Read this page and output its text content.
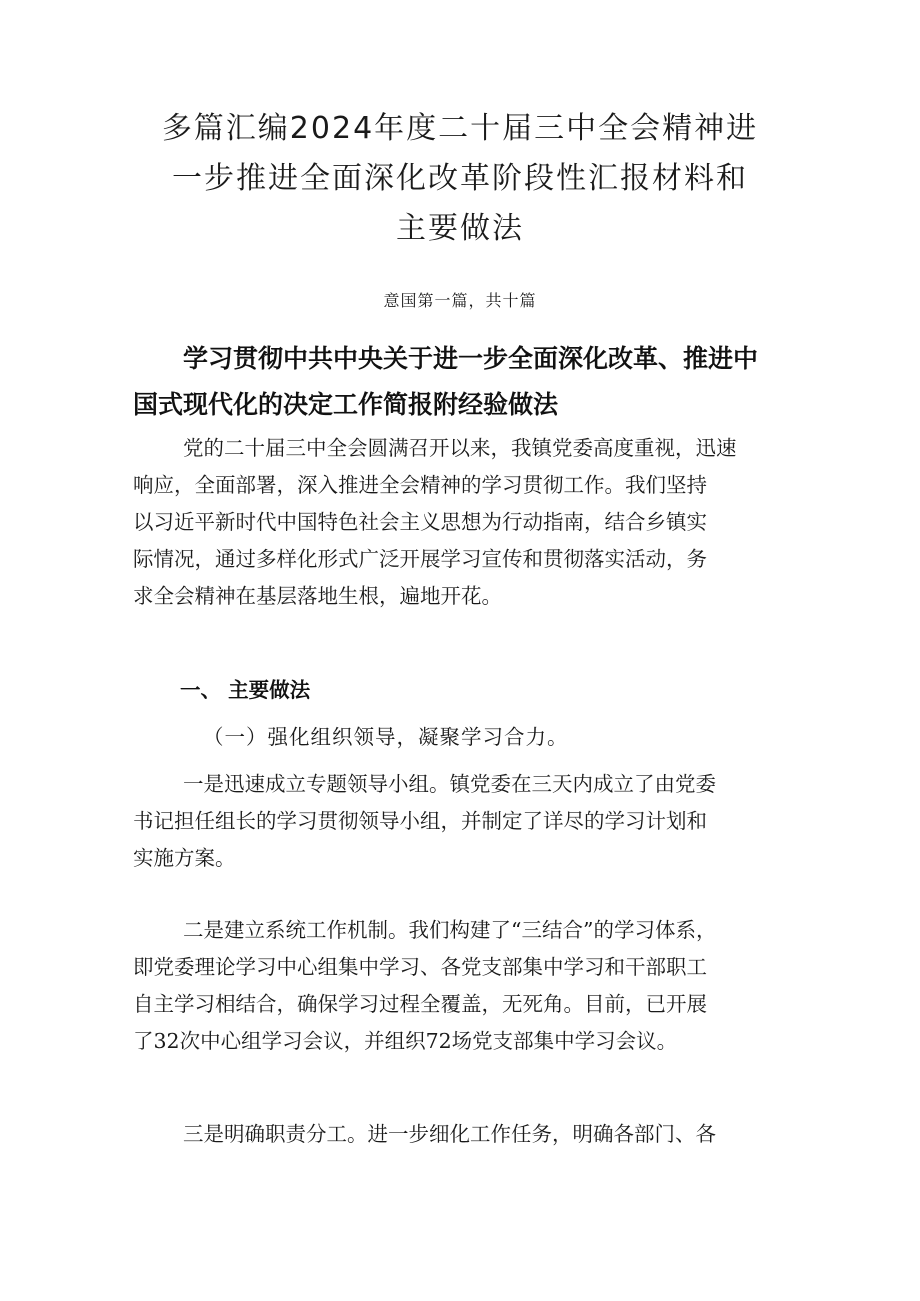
多篇汇编2024年度二十届三中全会精神进
一步推进全面深化改革阶段性汇报材料和
主要做法
意国第一篇，共十篇
学习贯彻中共中央关于进一步全面深化改革、推进中
国式现代化的决定工作简报附经验做法
党的二十届三中全会圆满召开以来，我镇党委高度重视，迅速
响应，全面部署，深入推进全会精神的学习贯彻工作。我们坚持
以习近平新时代中国特色社会主义思想为行动指南，结合乡镇实
际情况，通过多样化形式广泛开展学习宣传和贯彻落实活动，务
求全会精神在基层落地生根，遍地开花。
一、 主要做法
（一）强化组织领导，凝聚学习合力。
一是迅速成立专题领导小组。镇党委在三天内成立了由党委
书记担任组长的学习贯彻领导小组，并制定了详尽的学习计划和
实施方案。
二是建立系统工作机制。我们构建了“三结合”的学习体系，
即党委理论学习中心组集中学习、各党支部集中学习和干部职工
自主学习相结合，确保学习过程全覆盖，无死角。目前，已开展
了32次中心组学习会议，并组织72场党支部集中学习会议。
三是明确职责分工。进一步细化工作任务，明确各部门、各
